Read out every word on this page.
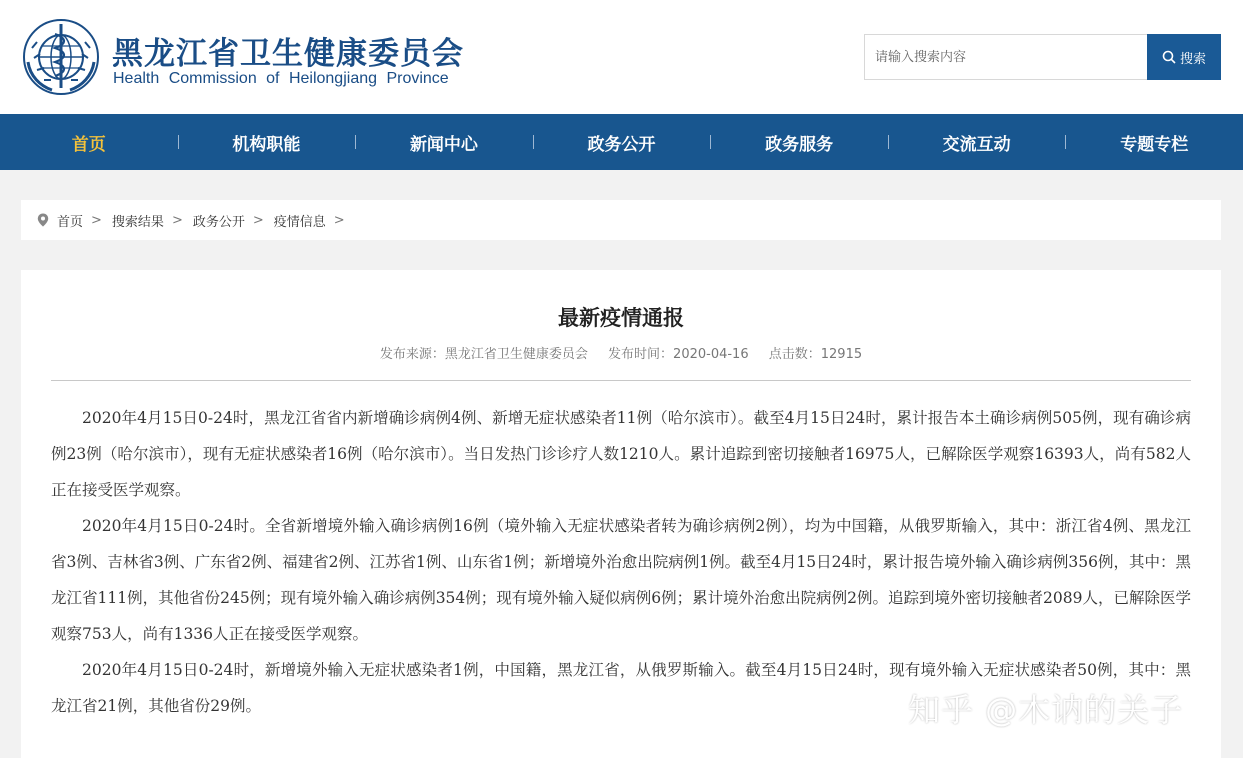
黑龙江省卫生健康委员会
Health Commission of Heilongjiang Province
请输入搜索内容
搜索
首页	机构职能	新闻中心	政务公开	政务服务	交流互动	专题专栏
首页 > 搜索结果 > 政务公开 > 疫情信息 >
最新疫情通报
发布来源：黑龙江省卫生健康委员会 发布时间：2020-04-16 点击数：12915

2020年4月15日0-24时，黑龙江省省内新增确诊病例4例、新增无症状感染者11例（哈尔滨市）。截至4月15日24时，累计报告本土确诊病例505例，现有确诊病例23例（哈尔滨市），现有无症状感染者16例（哈尔滨市）。当日发热门诊诊疗人数1210人。累计追踪到密切接触者16975人，已解除医学观察16393人，尚有582人正在接受医学观察。

2020年4月15日0-24时。全省新增境外输入确诊病例16例（境外输入无症状感染者转为确诊病例2例），均为中国籍，从俄罗斯输入，其中：浙江省4例、黑龙江省3例、吉林省3例、广东省2例、福建省2例、江苏省1例、山东省1例；新增境外治愈出院病例1例。截至4月15日24时，累计报告境外输入确诊病例356例，其中：黑龙江省111例，其他省份245例；现有境外输入确诊病例354例；现有境外输入疑似病例6例；累计境外治愈出院病例2例。追踪到境外密切接触者2089人，已解除医学观察753人，尚有1336人正在接受医学观察。

2020年4月15日0-24时，新增境外输入无症状感染者1例，中国籍，黑龙江省，从俄罗斯输入。截至4月15日24时，现有境外输入无症状感染者50例，其中：黑龙江省21例，其他省份29例。	知乎 @木讷的关子
